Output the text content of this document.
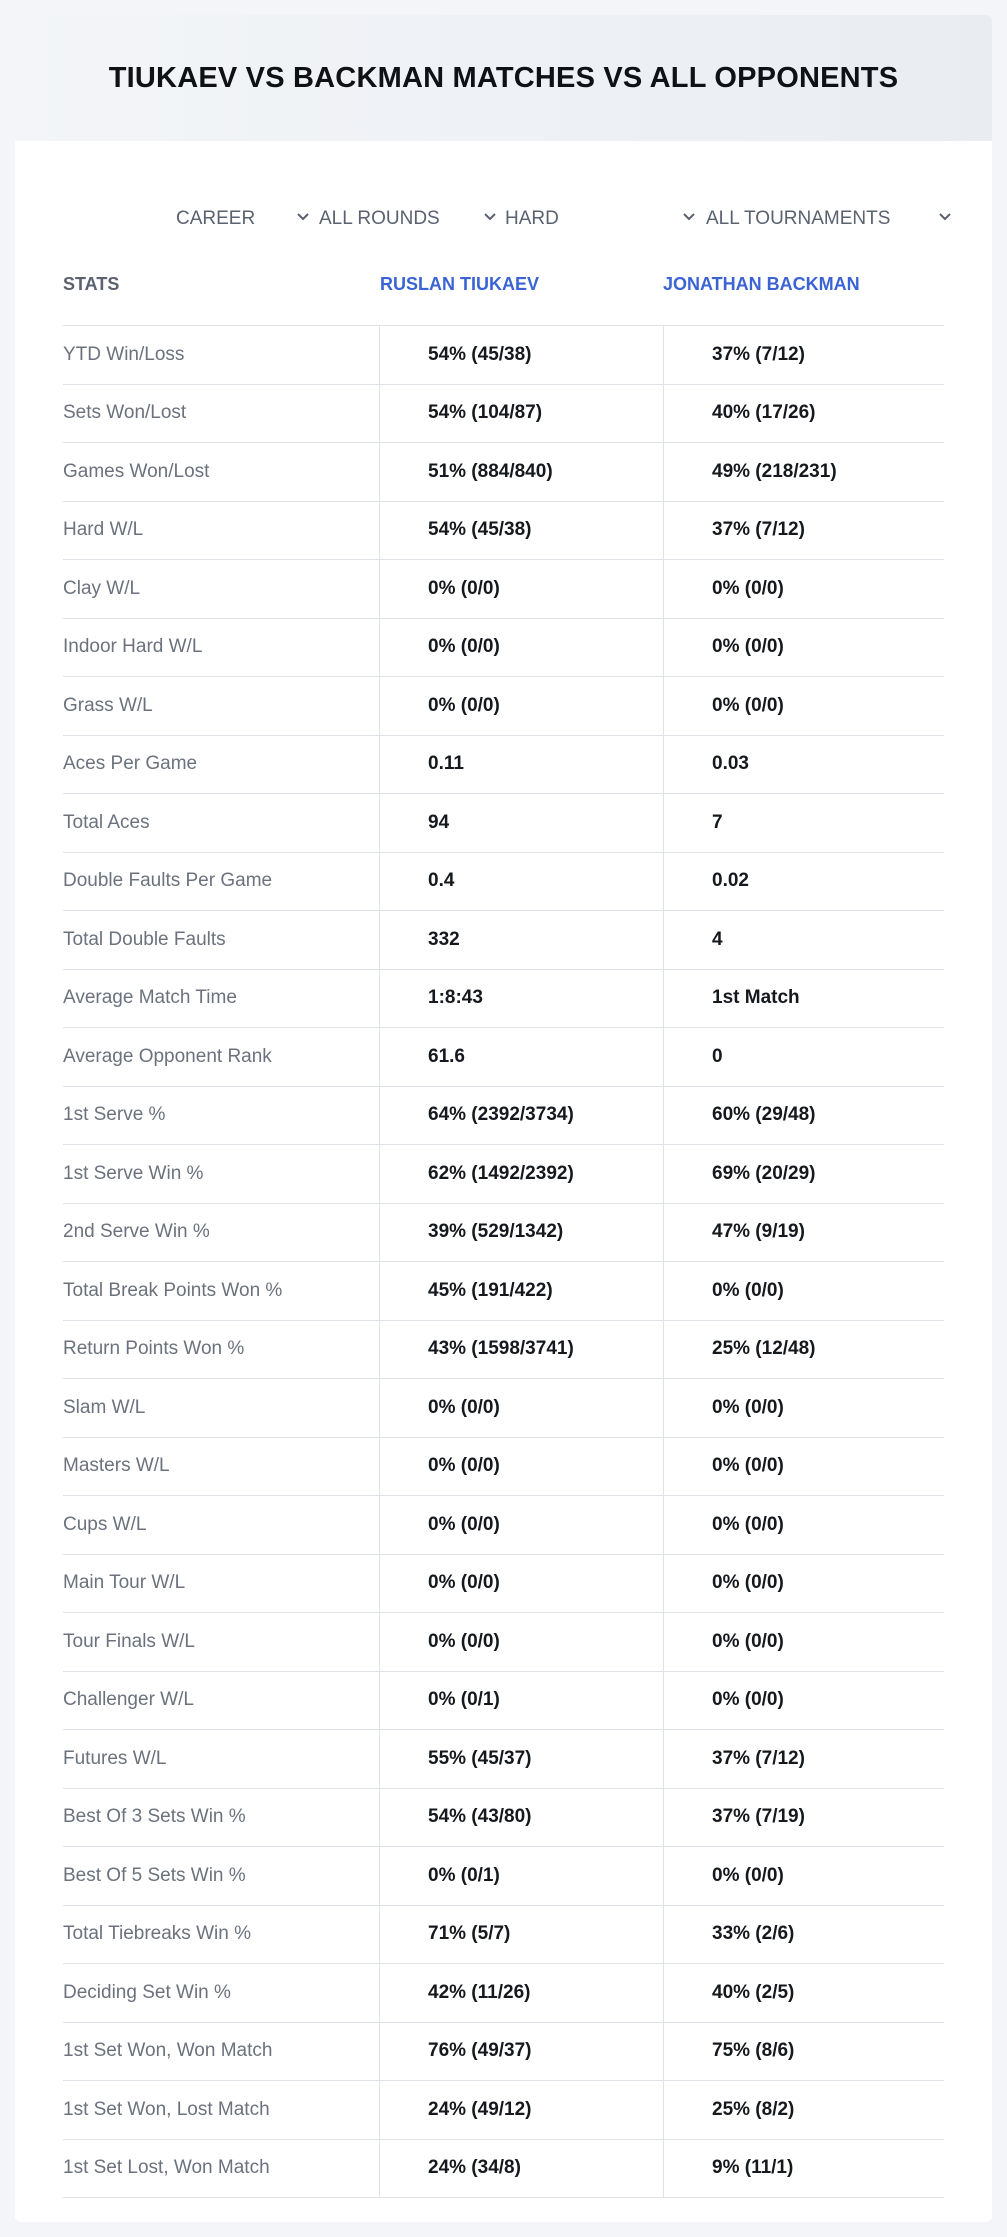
TIUKAEV VS BACKMAN MATCHES VS ALL OPPONENTS
CAREER	ALL ROUNDS	HARD	ALL TOURNAMENTS
STATS	RUSLAN TIUKAEV	JONATHAN BACKMAN
YTD Win/Loss	54% (45/38)	37% (7/12)
Sets Won/Lost	54% (104/87)	40% (17/26)
Games Won/Lost	51% (884/840)	49% (218/231)
Hard W/L	54% (45/38)	37% (7/12)
Clay W/L	0% (0/0)	0% (0/0)
Indoor Hard W/L	0% (0/0)	0% (0/0)
Grass W/L	0% (0/0)	0% (0/0)
Aces Per Game	0.11	0.03
Total Aces	94	7
Double Faults Per Game	0.4	0.02
Total Double Faults	332	4
Average Match Time	1:8:43	1st Match
Average Opponent Rank	61.6	0
1st Serve %	64% (2392/3734)	60% (29/48)
1st Serve Win %	62% (1492/2392)	69% (20/29)
2nd Serve Win %	39% (529/1342)	47% (9/19)
Total Break Points Won %	45% (191/422)	0% (0/0)
Return Points Won %	43% (1598/3741)	25% (12/48)
Slam W/L	0% (0/0)	0% (0/0)
Masters W/L	0% (0/0)	0% (0/0)
Cups W/L	0% (0/0)	0% (0/0)
Main Tour W/L	0% (0/0)	0% (0/0)
Tour Finals W/L	0% (0/0)	0% (0/0)
Challenger W/L	0% (0/1)	0% (0/0)
Futures W/L	55% (45/37)	37% (7/12)
Best Of 3 Sets Win %	54% (43/80)	37% (7/19)
Best Of 5 Sets Win %	0% (0/1)	0% (0/0)
Total Tiebreaks Win %	71% (5/7)	33% (2/6)
Deciding Set Win %	42% (11/26)	40% (2/5)
1st Set Won, Won Match	76% (49/37)	75% (8/6)
1st Set Won, Lost Match	24% (49/12)	25% (8/2)
1st Set Lost, Won Match	24% (34/8)	9% (11/1)
